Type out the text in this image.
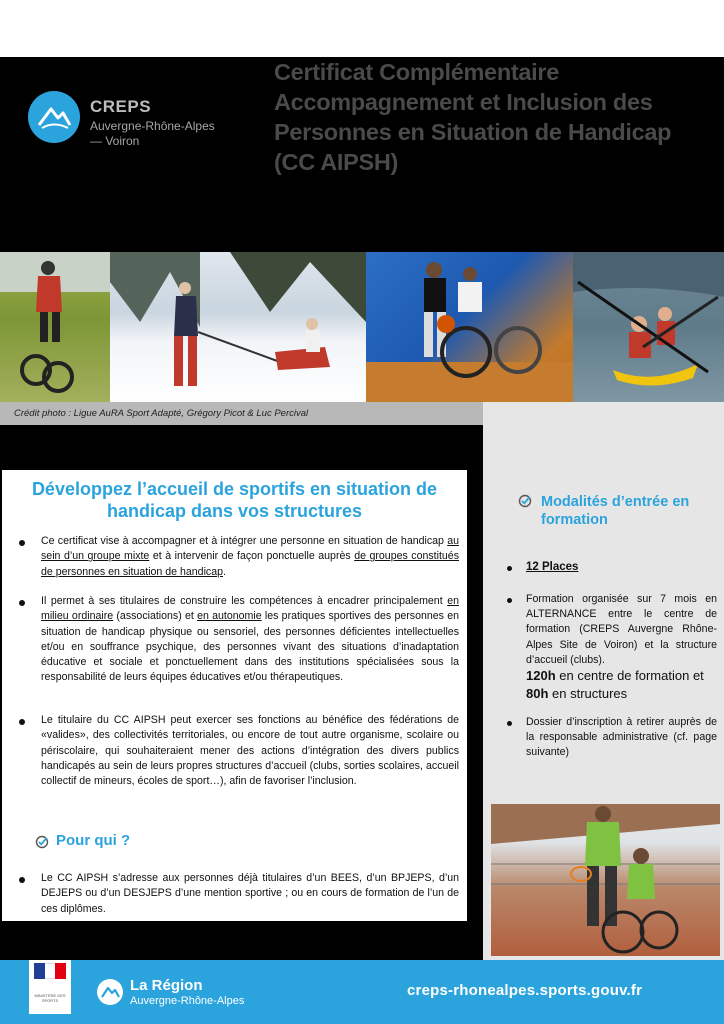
CREPS
Auvergne-Rhône-Alpes
— Voiron
Certificat Complémentaire
Accompagnement et Inclusion des
Personnes en Situation de Handicap
(CC AIPSH)
Crédit photo : Ligue AuRA Sport Adapté, Grégory Picot & Luc Percival
Développez l’accueil de sportifs en situation de
handicap dans vos structures
Ce certificat vise à accompagner et à intégrer une personne en situation de handicap au sein d’un groupe mixte et à intervenir de façon ponctuelle auprès de groupes constitués de personnes en situation de handicap.
Il permet à ses titulaires de construire les compétences à encadrer principalement en milieu ordinaire (associations) et en autonomie les pratiques sportives des personnes en situation de handicap physique ou sensoriel, des personnes déficientes intellectuelles et/ou en souffrance psychique, des personnes vivant des situations d’inadaptation éducative et sociale et ponctuellement dans des institutions spécialisées sous la responsabilité de leurs équipes éducatives et/ou thérapeutiques.
Le titulaire du CC AIPSH peut exercer ses fonctions au bénéfice des fédérations de «valides», des collectivités territoriales, ou encore de tout autre organisme, scolaire ou périscolaire, qui souhaiteraient mener des actions d’intégration des divers publics handicapés au sein de leurs propres structures d’accueil (clubs, sorties scolaires, accueil collectif de mineurs, écoles de sport…), afin de favoriser l’inclusion.
Pour qui ?
Le CC AIPSH s’adresse aux personnes déjà titulaires d’un BEES, d’un BPJEPS, d’un DEJEPS ou d’un DESJEPS d’une mention sportive ; ou en cours de formation de l’un de ces diplômes.
Modalités d’entrée en formation
12 Places
Formation organisée sur 7 mois en ALTERNANCE entre le centre de formation (CREPS Auvergne Rhône-Alpes Site de Voiron) et la structure d’accueil (clubs).
120h en centre de formation et
80h en structures
Dossier d’inscription à retirer auprès de la responsable administrative (cf. page suivante)
MINISTÈRE DES SPORTS
La Région
Auvergne-Rhône-Alpes
creps-rhonealpes.sports.gouv.fr
